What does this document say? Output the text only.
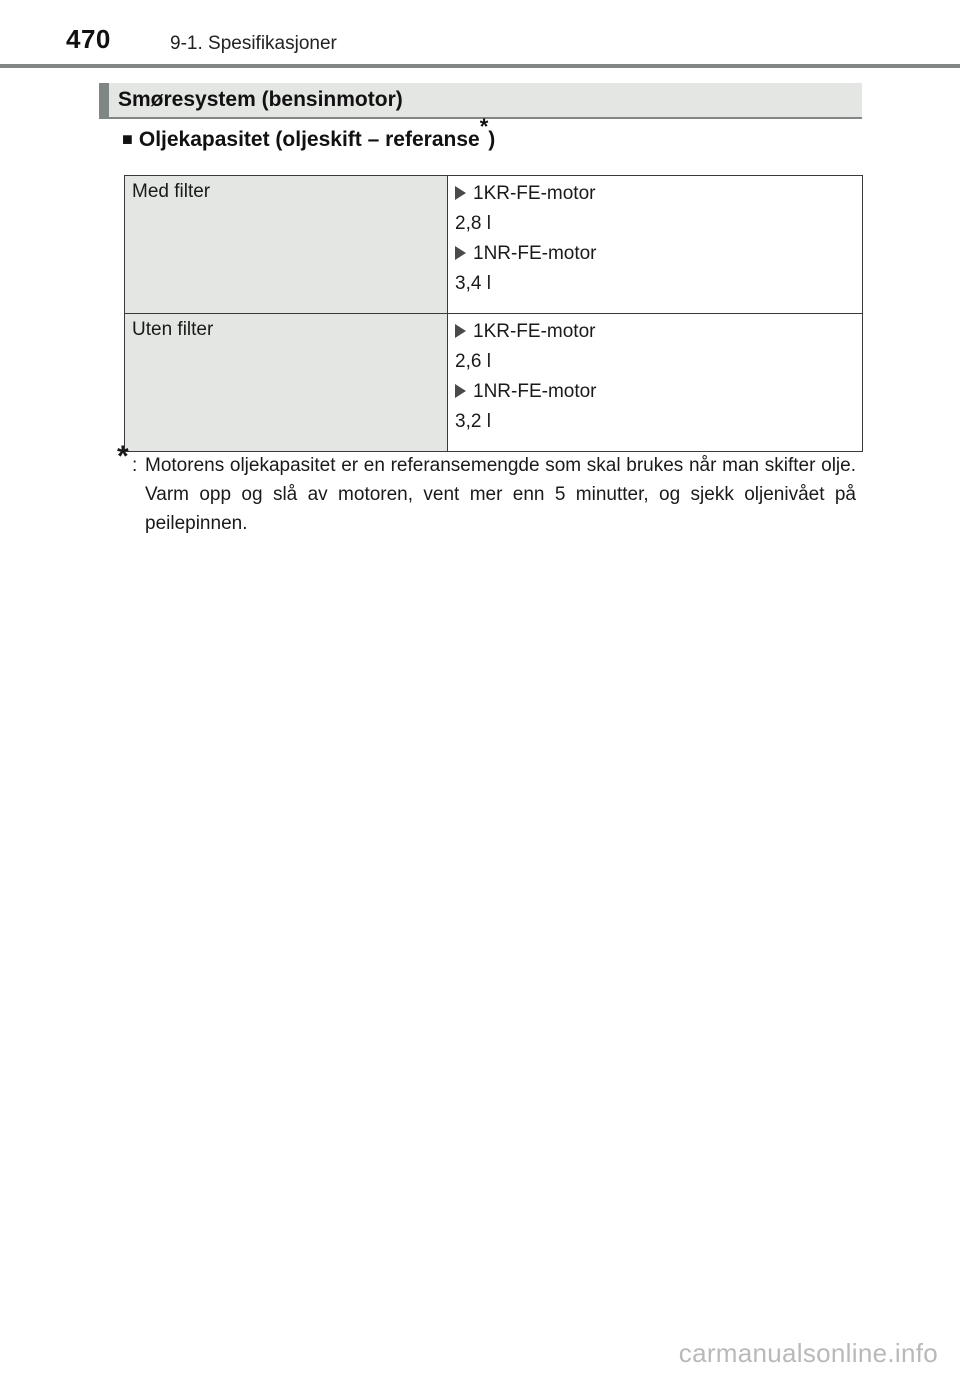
470	9-1. Spesifikasjoner
Smøresystem (bensinmotor)
■ Oljekapasitet (oljeskift – referanse*)
Med filter	1KR-FE-motor
2,8 l
1NR-FE-motor
3,4 l

Uten filter	1KR-FE-motor
2,6 l
1NR-FE-motor
3,2 l
* : Motorens oljekapasitet er en referansemengde som skal brukes når man skifter olje. Varm opp og slå av motoren, vent mer enn 5 minutter, og sjekk oljenivået på peilepinnen.
carmanualsonline.info
